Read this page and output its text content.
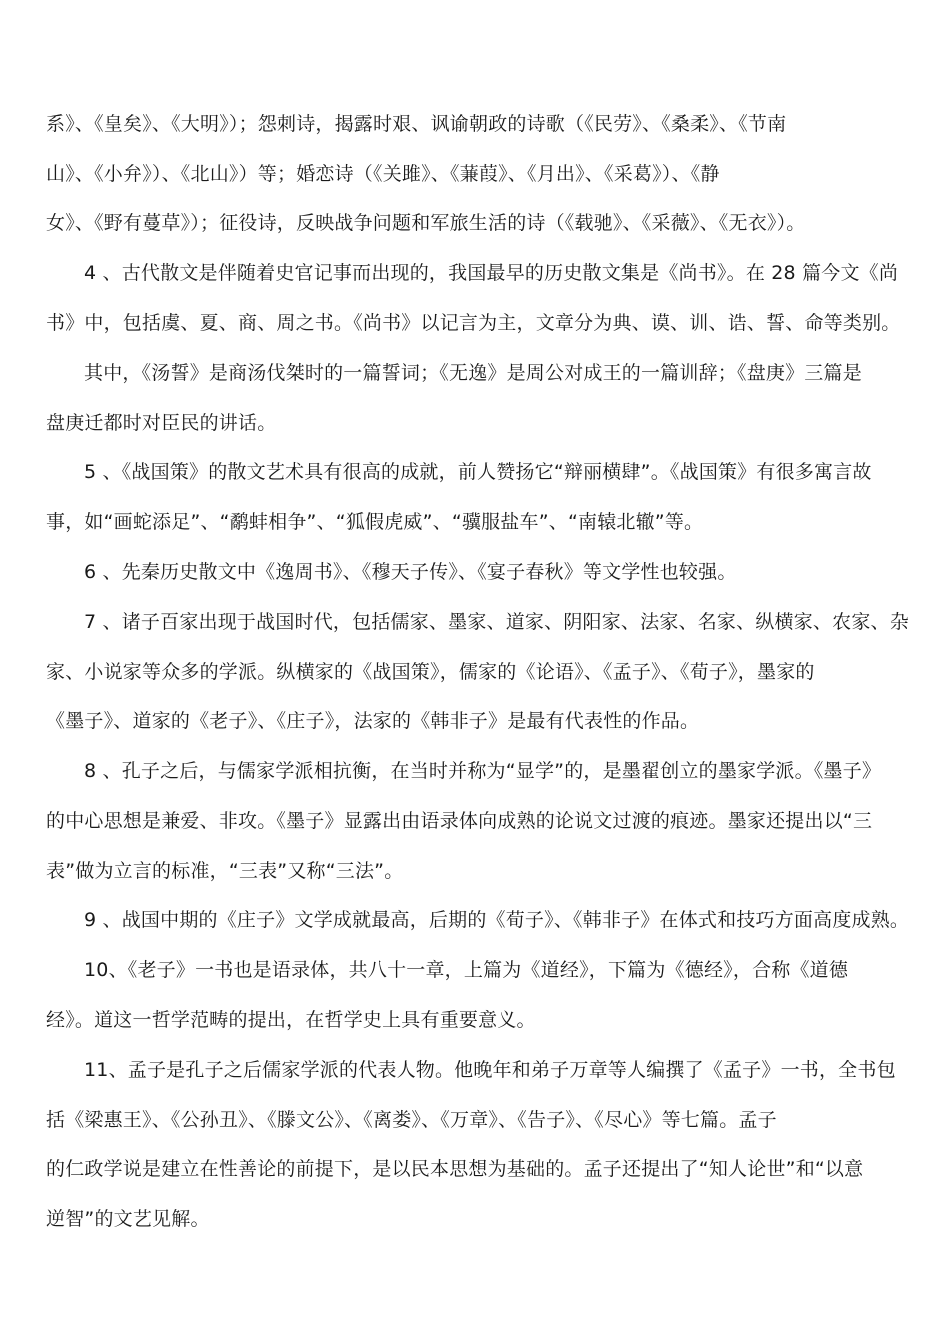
系》、《皇矣》、《大明》）；怨刺诗，揭露时艰、讽谕朝政的诗歌（《民劳》、《桑柔》、《节南
山》、《小弁》）、《北山》）等；婚恋诗（《关雎》、《蒹葭》、《月出》、《采葛》）、《静
女》、《野有蔓草》）；征役诗，反映战争问题和军旅生活的诗（《载驰》、《采薇》、《无衣》）。
4 、古代散文是伴随着史官记事而出现的，我国最早的历史散文集是《尚书》。在 28 篇今文《尚
书》中，包括虞、夏、商、周之书。《尚书》以记言为主，文章分为典、谟、训、诰、誓、命等类别。
其中，《汤誓》是商汤伐桀时的一篇誓词；《无逸》是周公对成王的一篇训辞；《盘庚》三篇是
盘庚迁都时对臣民的讲话。
5 、《战国策》的散文艺术具有很高的成就，前人赞扬它“辩丽横肆”。《战国策》有很多寓言故
事，如“画蛇添足”、“鹬蚌相争”、“狐假虎威”、“骥服盐车”、“南辕北辙”等。
6 、先秦历史散文中《逸周书》、《穆天子传》、《宴子春秋》等文学性也较强。
7 、诸子百家出现于战国时代，包括儒家、墨家、道家、阴阳家、法家、名家、纵横家、农家、杂
家、小说家等众多的学派。纵横家的《战国策》，儒家的《论语》、《孟子》、《荀子》，墨家的
《墨子》、道家的《老子》、《庄子》，法家的《韩非子》是最有代表性的作品。
8 、孔子之后，与儒家学派相抗衡，在当时并称为“显学”的，是墨翟创立的墨家学派。《墨子》
的中心思想是兼爱、非攻。《墨子》显露出由语录体向成熟的论说文过渡的痕迹。墨家还提出以“三
表”做为立言的标准，“三表”又称“三法”。
9 、战国中期的《庄子》文学成就最高，后期的《荀子》、《韩非子》在体式和技巧方面高度成熟。
10、《老子》一书也是语录体，共八十一章，上篇为《道经》，下篇为《德经》，合称《道德
经》。道这一哲学范畴的提出，在哲学史上具有重要意义。
11、孟子是孔子之后儒家学派的代表人物。他晚年和弟子万章等人编撰了《孟子》一书，全书包
括《梁惠王》、《公孙丑》、《滕文公》、《离娄》、《万章》、《告子》、《尽心》等七篇。孟子
的仁政学说是建立在性善论的前提下，是以民本思想为基础的。孟子还提出了“知人论世”和“以意
逆智”的文艺见解。
